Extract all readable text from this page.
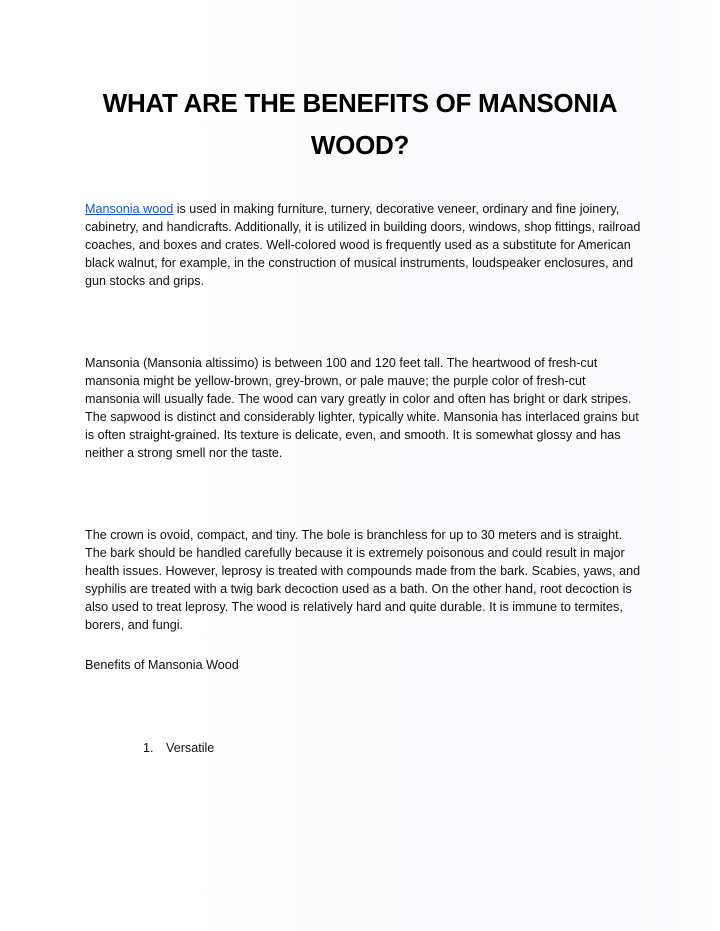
WHAT ARE THE BENEFITS OF MANSONIA WOOD?

Mansonia wood is used in making furniture, turnery, decorative veneer, ordinary and fine joinery, cabinetry, and handicrafts. Additionally, it is utilized in building doors, windows, shop fittings, railroad coaches, and boxes and crates. Well-colored wood is frequently used as a substitute for American black walnut, for example, in the construction of musical instruments, loudspeaker enclosures, and gun stocks and grips.

Mansonia (Mansonia altissimo) is between 100 and 120 feet tall. The heartwood of fresh-cut mansonia might be yellow-brown, grey-brown, or pale mauve; the purple color of fresh-cut mansonia will usually fade. The wood can vary greatly in color and often has bright or dark stripes. The sapwood is distinct and considerably lighter, typically white. Mansonia has interlaced grains but is often straight-grained. Its texture is delicate, even, and smooth. It is somewhat glossy and has neither a strong smell nor the taste.

The crown is ovoid, compact, and tiny. The bole is branchless for up to 30 meters and is straight. The bark should be handled carefully because it is extremely poisonous and could result in major health issues. However, leprosy is treated with compounds made from the bark. Scabies, yaws, and syphilis are treated with a twig bark decoction used as a bath. On the other hand, root decoction is also used to treat leprosy. The wood is relatively hard and quite durable. It is immune to termites, borers, and fungi.

Benefits of Mansonia Wood

1. Versatile
